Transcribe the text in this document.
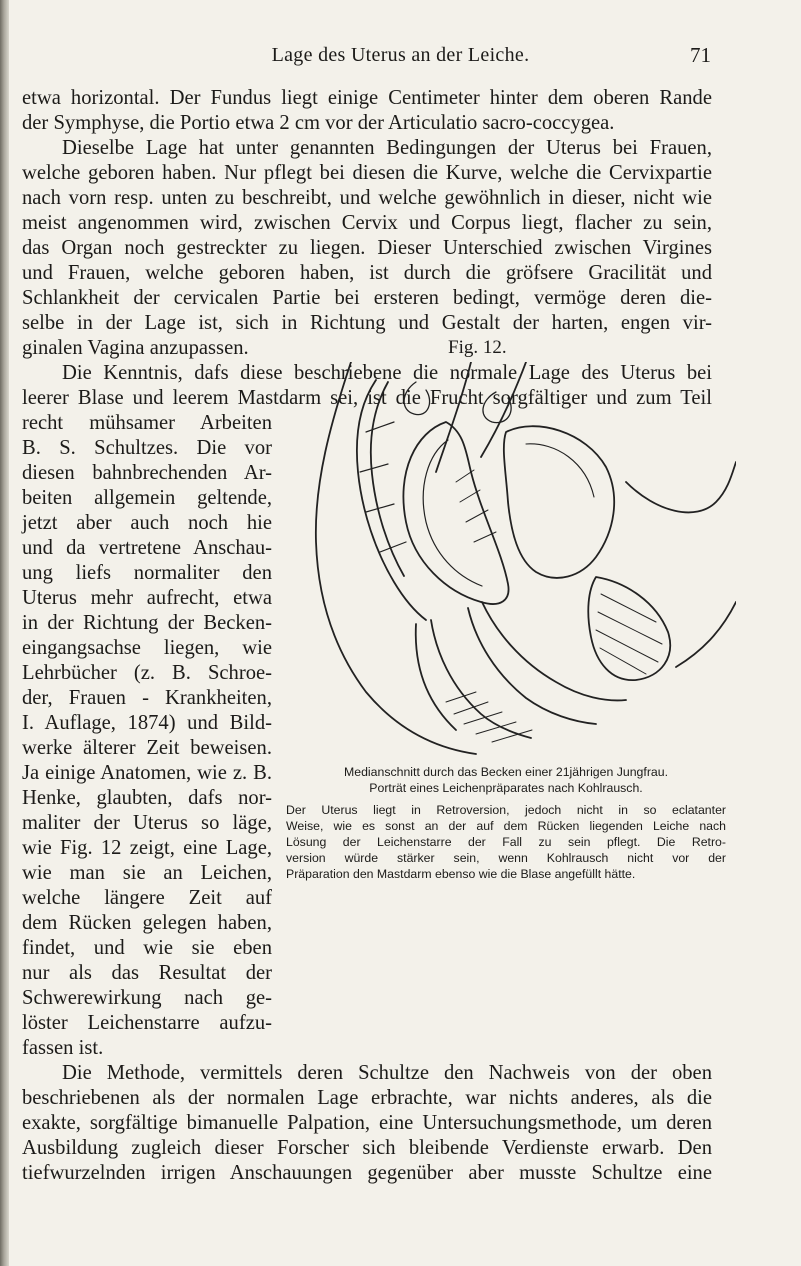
Lage des Uterus an der Leiche.	71
etwa horizontal. Der Fundus liegt einige Centimeter hinter dem oberen Rande
der Symphyse, die Portio etwa 2 cm vor der Articulatio sacro-coccygea.
Dieselbe Lage hat unter genannten Bedingungen der Uterus bei Frauen,
welche geboren haben. Nur pflegt bei diesen die Kurve, welche die Cervixpartie
nach vorn resp. unten zu beschreibt, und welche gewöhnlich in dieser, nicht wie
meist angenommen wird, zwischen Cervix und Corpus liegt, flacher zu sein,
das Organ noch gestreckter zu liegen. Dieser Unterschied zwischen Virgines
und Frauen, welche geboren haben, ist durch die gröfsere Gracilität und
Schlankheit der cervicalen Partie bei ersteren bedingt, vermöge deren die-
selbe in der Lage ist, sich in Richtung und Gestalt der harten, engen vir-
ginalen Vagina anzupassen.
Die Kenntnis, dafs diese beschriebene die normale Lage des Uterus bei
leerer Blase und leerem Mastdarm sei, ist die Frucht sorgfältiger und zum Teil
recht mühsamer Arbeiten
B. S. Schultzes. Die vor
diesen bahnbrechenden Ar-
beiten allgemein geltende,
jetzt aber auch noch hie
und da vertretene Anschau-
ung liefs normaliter den
Uterus mehr aufrecht, etwa
in der Richtung der Becken-
eingangsachse liegen, wie
Lehrbücher (z. B. Schroe-
der, Frauen - Krankheiten,
I. Auflage, 1874) und Bild-
werke älterer Zeit beweisen.
Ja einige Anatomen, wie z. B.
Henke, glaubten, dafs nor-
maliter der Uterus so läge,
wie Fig. 12 zeigt, eine Lage,
wie man sie an Leichen,
welche längere Zeit auf
dem Rücken gelegen haben,
findet, und wie sie eben
nur als das Resultat der
Schwerewirkung nach ge-
löster Leichenstarre aufzu-
fassen ist.
Fig. 12.
Medianschnitt durch das Becken einer 21jährigen Jungfrau.
Porträt eines Leichenpräparates nach Kohlrausch.
Der Uterus liegt in Retroversion, jedoch nicht in so eclatanter
Weise, wie es sonst an der auf dem Rücken liegenden Leiche nach
Lösung der Leichenstarre der Fall zu sein pflegt. Die Retro-
version würde stärker sein, wenn Kohlrausch nicht vor der
Präparation den Mastdarm ebenso wie die Blase angefüllt hätte.
Die Methode, vermittels deren Schultze den Nachweis von der oben
beschriebenen als der normalen Lage erbrachte, war nichts anderes, als die
exakte, sorgfältige bimanuelle Palpation, eine Untersuchungsmethode, um deren
Ausbildung zugleich dieser Forscher sich bleibende Verdienste erwarb. Den
tiefwurzelnden irrigen Anschauungen gegenüber aber musste Schultze eine
